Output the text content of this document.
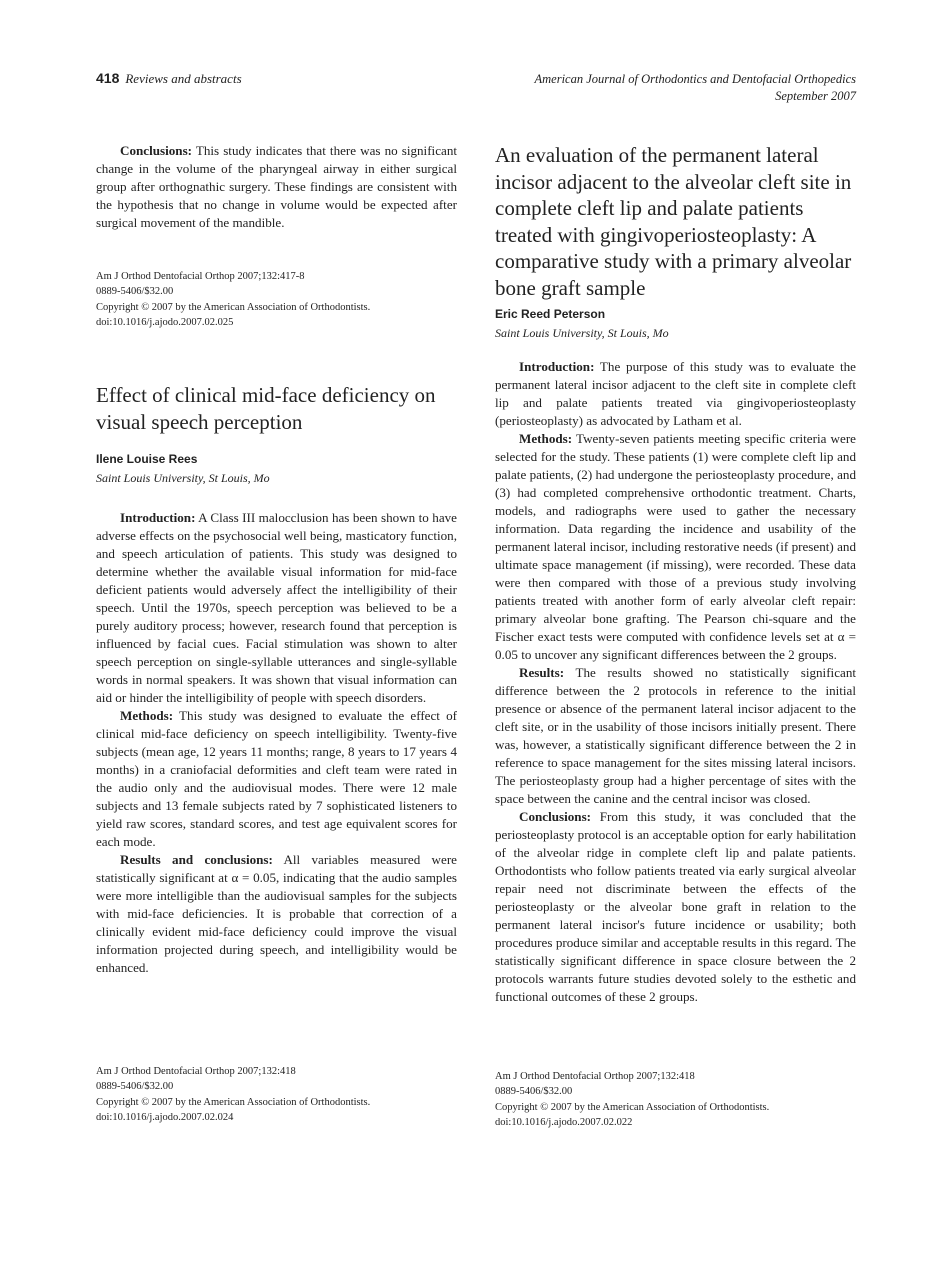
418 Reviews and abstracts	American Journal of Orthodontics and Dentofacial Orthopedics
September 2007

Conclusions: This study indicates that there was no significant change in the volume of the pharyngeal airway in either surgical group after orthognathic surgery. These findings are consistent with the hypothesis that no change in volume would be expected after surgical movement of the mandible.

Am J Orthod Dentofacial Orthop 2007;132:417-8

0889-5406/$32.00

Copyright © 2007 by the American Association of Orthodontists.

doi:10.1016/j.ajodo.2007.02.025

Effect of clinical mid-face deficiency on visual speech perception

Ilene Louise Rees

Saint Louis University, St Louis, Mo

Introduction: A Class III malocclusion has been shown to have adverse effects on the psychosocial well being, masticatory function, and speech articulation of patients. This study was designed to determine whether the available visual information for mid-face deficient patients would adversely affect the intelligibility of their speech. Until the 1970s, speech perception was believed to be a purely auditory process; however, research found that perception is influenced by facial cues. Facial stimulation was shown to alter speech perception on single-syllable utterances and single-syllable words in normal speakers. It was shown that visual information can aid or hinder the intelligibility of people with speech disorders.

Methods: This study was designed to evaluate the effect of clinical mid-face deficiency on speech intelligibility. Twenty-five subjects (mean age, 12 years 11 months; range, 8 years to 17 years 4 months) in a craniofacial deformities and cleft team were rated in the audio only and the audiovisual modes. There were 12 male subjects and 13 female subjects rated by 7 sophisticated listeners to yield raw scores, standard scores, and test age equivalent scores for each mode.

Results and conclusions: All variables measured were statistically significant at α = 0.05, indicating that the audio samples were more intelligible than the audiovisual samples for the subjects with mid-face deficiencies. It is probable that correction of a clinically evident mid-face deficiency could improve the visual information projected during speech, and intelligibility would be enhanced.

Am J Orthod Dentofacial Orthop 2007;132:418

0889-5406/$32.00

Copyright © 2007 by the American Association of Orthodontists.

doi:10.1016/j.ajodo.2007.02.024

An evaluation of the permanent lateral incisor adjacent to the alveolar cleft site in complete cleft lip and palate patients treated with gingivoperiosteoplasty: A comparative study with a primary alveolar bone graft sample

Eric Reed Peterson

Saint Louis University, St Louis, Mo

Introduction: The purpose of this study was to evaluate the permanent lateral incisor adjacent to the cleft site in complete cleft lip and palate patients treated via gingivoperiosteoplasty (periosteoplasty) as advocated by Latham et al.

Methods: Twenty-seven patients meeting specific criteria were selected for the study. These patients (1) were complete cleft lip and palate patients, (2) had undergone the periosteoplasty procedure, and (3) had completed comprehensive orthodontic treatment. Charts, models, and radiographs were used to gather the necessary information. Data regarding the incidence and usability of the permanent lateral incisor, including restorative needs (if present) and ultimate space management (if missing), were recorded. These data were then compared with those of a previous study involving patients treated with another form of early alveolar cleft repair: primary alveolar bone grafting. The Pearson chi-square and the Fischer exact tests were computed with confidence levels set at α = 0.05 to uncover any significant differences between the 2 groups.

Results: The results showed no statistically significant difference between the 2 protocols in reference to the initial presence or absence of the permanent lateral incisor adjacent to the cleft site, or in the usability of those incisors initially present. There was, however, a statistically significant difference between the 2 in reference to space management for the sites missing lateral incisors. The periosteoplasty group had a higher percentage of sites with the space between the canine and the central incisor was closed.

Conclusions: From this study, it was concluded that the periosteoplasty protocol is an acceptable option for early habilitation of the alveolar ridge in complete cleft lip and palate patients. Orthodontists who follow patients treated via early surgical alveolar repair need not discriminate between the effects of the periosteoplasty or the alveolar bone graft in relation to the permanent lateral incisor's future incidence or usability; both procedures produce similar and acceptable results in this regard. The statistically significant difference in space closure between the 2 protocols warrants future studies devoted solely to the esthetic and functional outcomes of these 2 groups.

Am J Orthod Dentofacial Orthop 2007;132:418

0889-5406/$32.00

Copyright © 2007 by the American Association of Orthodontists.

doi:10.1016/j.ajodo.2007.02.022
